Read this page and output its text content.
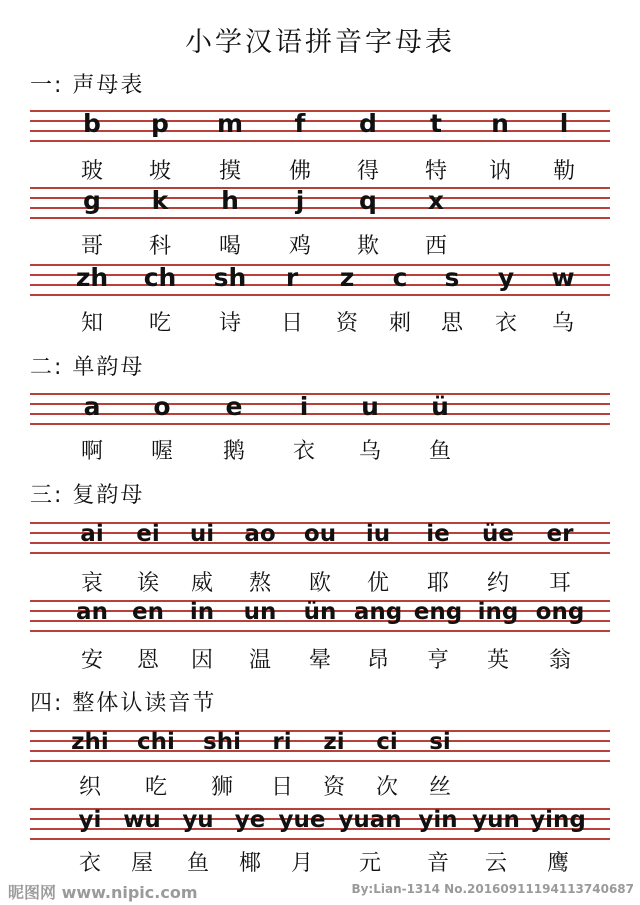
小学汉语拼音字母表
一: 声母表
二: 单韵母
三: 复韵母
四: 整体认读音节
b p m f d t n l
玻 坡 摸 佛 得 特 讷 勒
g k h j q x
哥 科 喝 鸡 欺 西
zh ch sh r z c s y w
知 吃 诗 日 资 刺 思 衣 乌
a o e i u ü
啊 喔 鹅 衣 乌 鱼
ai ei ui ao ou iu ie üe er
哀 诶 威 熬 欧 优 耶 约 耳
an en in un ün ang eng ing ong
安 恩 因 温 晕 昂 亨 英 翁
zhi chi shi ri zi ci si
织 吃 狮 日 资 次 丝
yi wu yu ye yue yuan yin yun ying
衣 屋 鱼 椰 月 元 音 云 鹰
昵图网 www.nipic.com	By:Lian-1314 No.20160911194113740687
